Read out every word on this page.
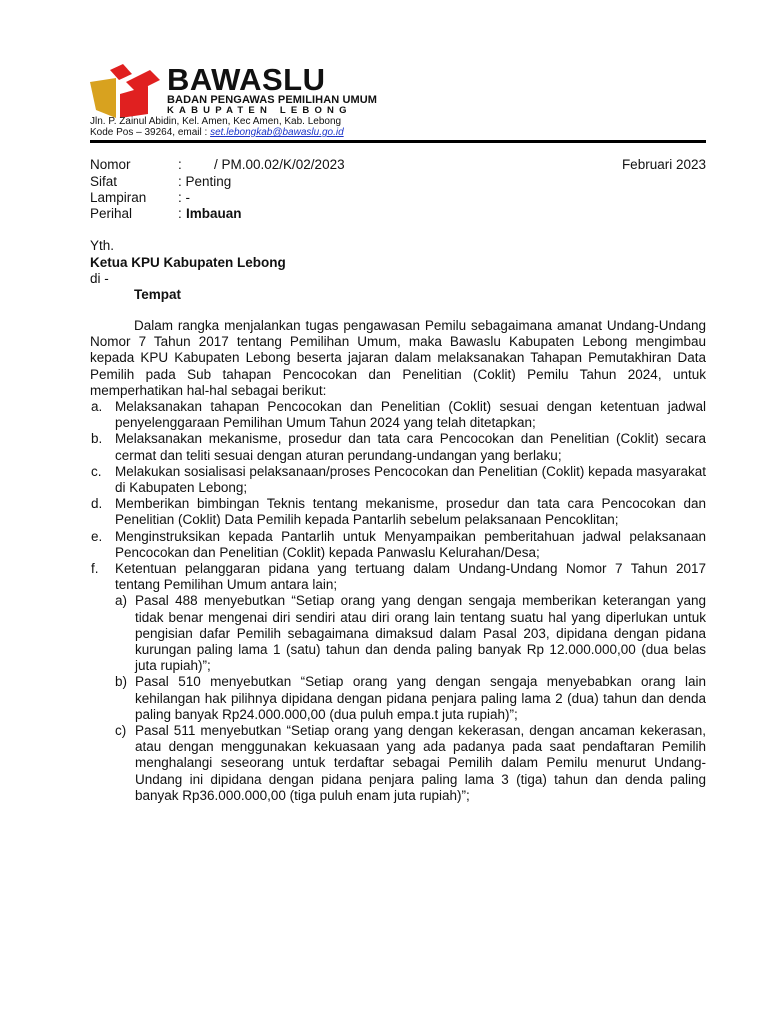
BAWASLU
BADAN PENGAWAS PEMILIHAN UMUM
KABUPATEN LEBONG
Jln. P. Zainul Abidin, Kel. Amen, Kec Amen, Kab. Lebong
Kode Pos – 39264, email : set.lebongkab@bawaslu.go.id
Nomor	: / PM.00.02/K/02/2023
Sifat	: Penting
Lampiran : -
Perihal	: Imbauan
Februari 2023
Yth.
Ketua KPU Kabupaten Lebong
di -
Tempat
Dalam rangka menjalankan tugas pengawasan Pemilu sebagaimana amanat Undang-Undang Nomor 7 Tahun 2017 tentang Pemilihan Umum, maka Bawaslu Kabupaten Lebong mengimbau kepada KPU Kabupaten Lebong beserta jajaran dalam melaksanakan Tahapan Pemutakhiran Data Pemilih pada Sub tahapan Pencocokan dan Penelitian (Coklit) Pemilu Tahun 2024, untuk memperhatikan hal-hal sebagai berikut:
a. Melaksanakan tahapan Pencocokan dan Penelitian (Coklit) sesuai dengan ketentuan jadwal penyelenggaraan Pemilihan Umum Tahun 2024 yang telah ditetapkan;
b. Melaksanakan mekanisme, prosedur dan tata cara Pencocokan dan Penelitian (Coklit) secara cermat dan teliti sesuai dengan aturan perundang-undangan yang berlaku;
c. Melakukan sosialisasi pelaksanaan/proses Pencocokan dan Penelitian (Coklit) kepada masyarakat di Kabupaten Lebong;
d. Memberikan bimbingan Teknis tentang mekanisme, prosedur dan tata cara Pencocokan dan Penelitian (Coklit) Data Pemilih kepada Pantarlih sebelum pelaksanaan Pencoklitan;
e. Menginstruksikan kepada Pantarlih untuk Menyampaikan pemberitahuan jadwal pelaksanaan Pencocokan dan Penelitian (Coklit) kepada Panwaslu Kelurahan/Desa;
f. Ketentuan pelanggaran pidana yang tertuang dalam Undang-Undang Nomor 7 Tahun 2017 tentang Pemilihan Umum antara lain;
a) Pasal 488 menyebutkan “Setiap orang yang dengan sengaja memberikan keterangan yang tidak benar mengenai diri sendiri atau diri orang lain tentang suatu hal yang diperlukan untuk pengisian dafar Pemilih sebagaimana dimaksud dalam Pasal 203, dipidana dengan pidana kurungan paling lama 1 (satu) tahun dan denda paling banyak Rp 12.000.000,00 (dua belas juta rupiah)”;
b) Pasal 510 menyebutkan “Setiap orang yang dengan sengaja menyebabkan orang lain kehilangan hak pilihnya dipidana dengan pidana penjara paling lama 2 (dua) tahun dan denda paling banyak Rp24.000.000,00 (dua puluh empa.t juta rupiah)”;
c) Pasal 511 menyebutkan “Setiap orang yang dengan kekerasan, dengan ancaman kekerasan, atau dengan menggunakan kekuasaan yang ada padanya pada saat pendaftaran Pemilih menghalangi seseorang untuk terdaftar sebagai Pemilih dalam Pemilu menurut Undang-Undang ini dipidana dengan pidana penjara paling lama 3 (tiga) tahun dan denda paling banyak Rp36.000.000,00 (tiga puluh enam juta rupiah)”;
